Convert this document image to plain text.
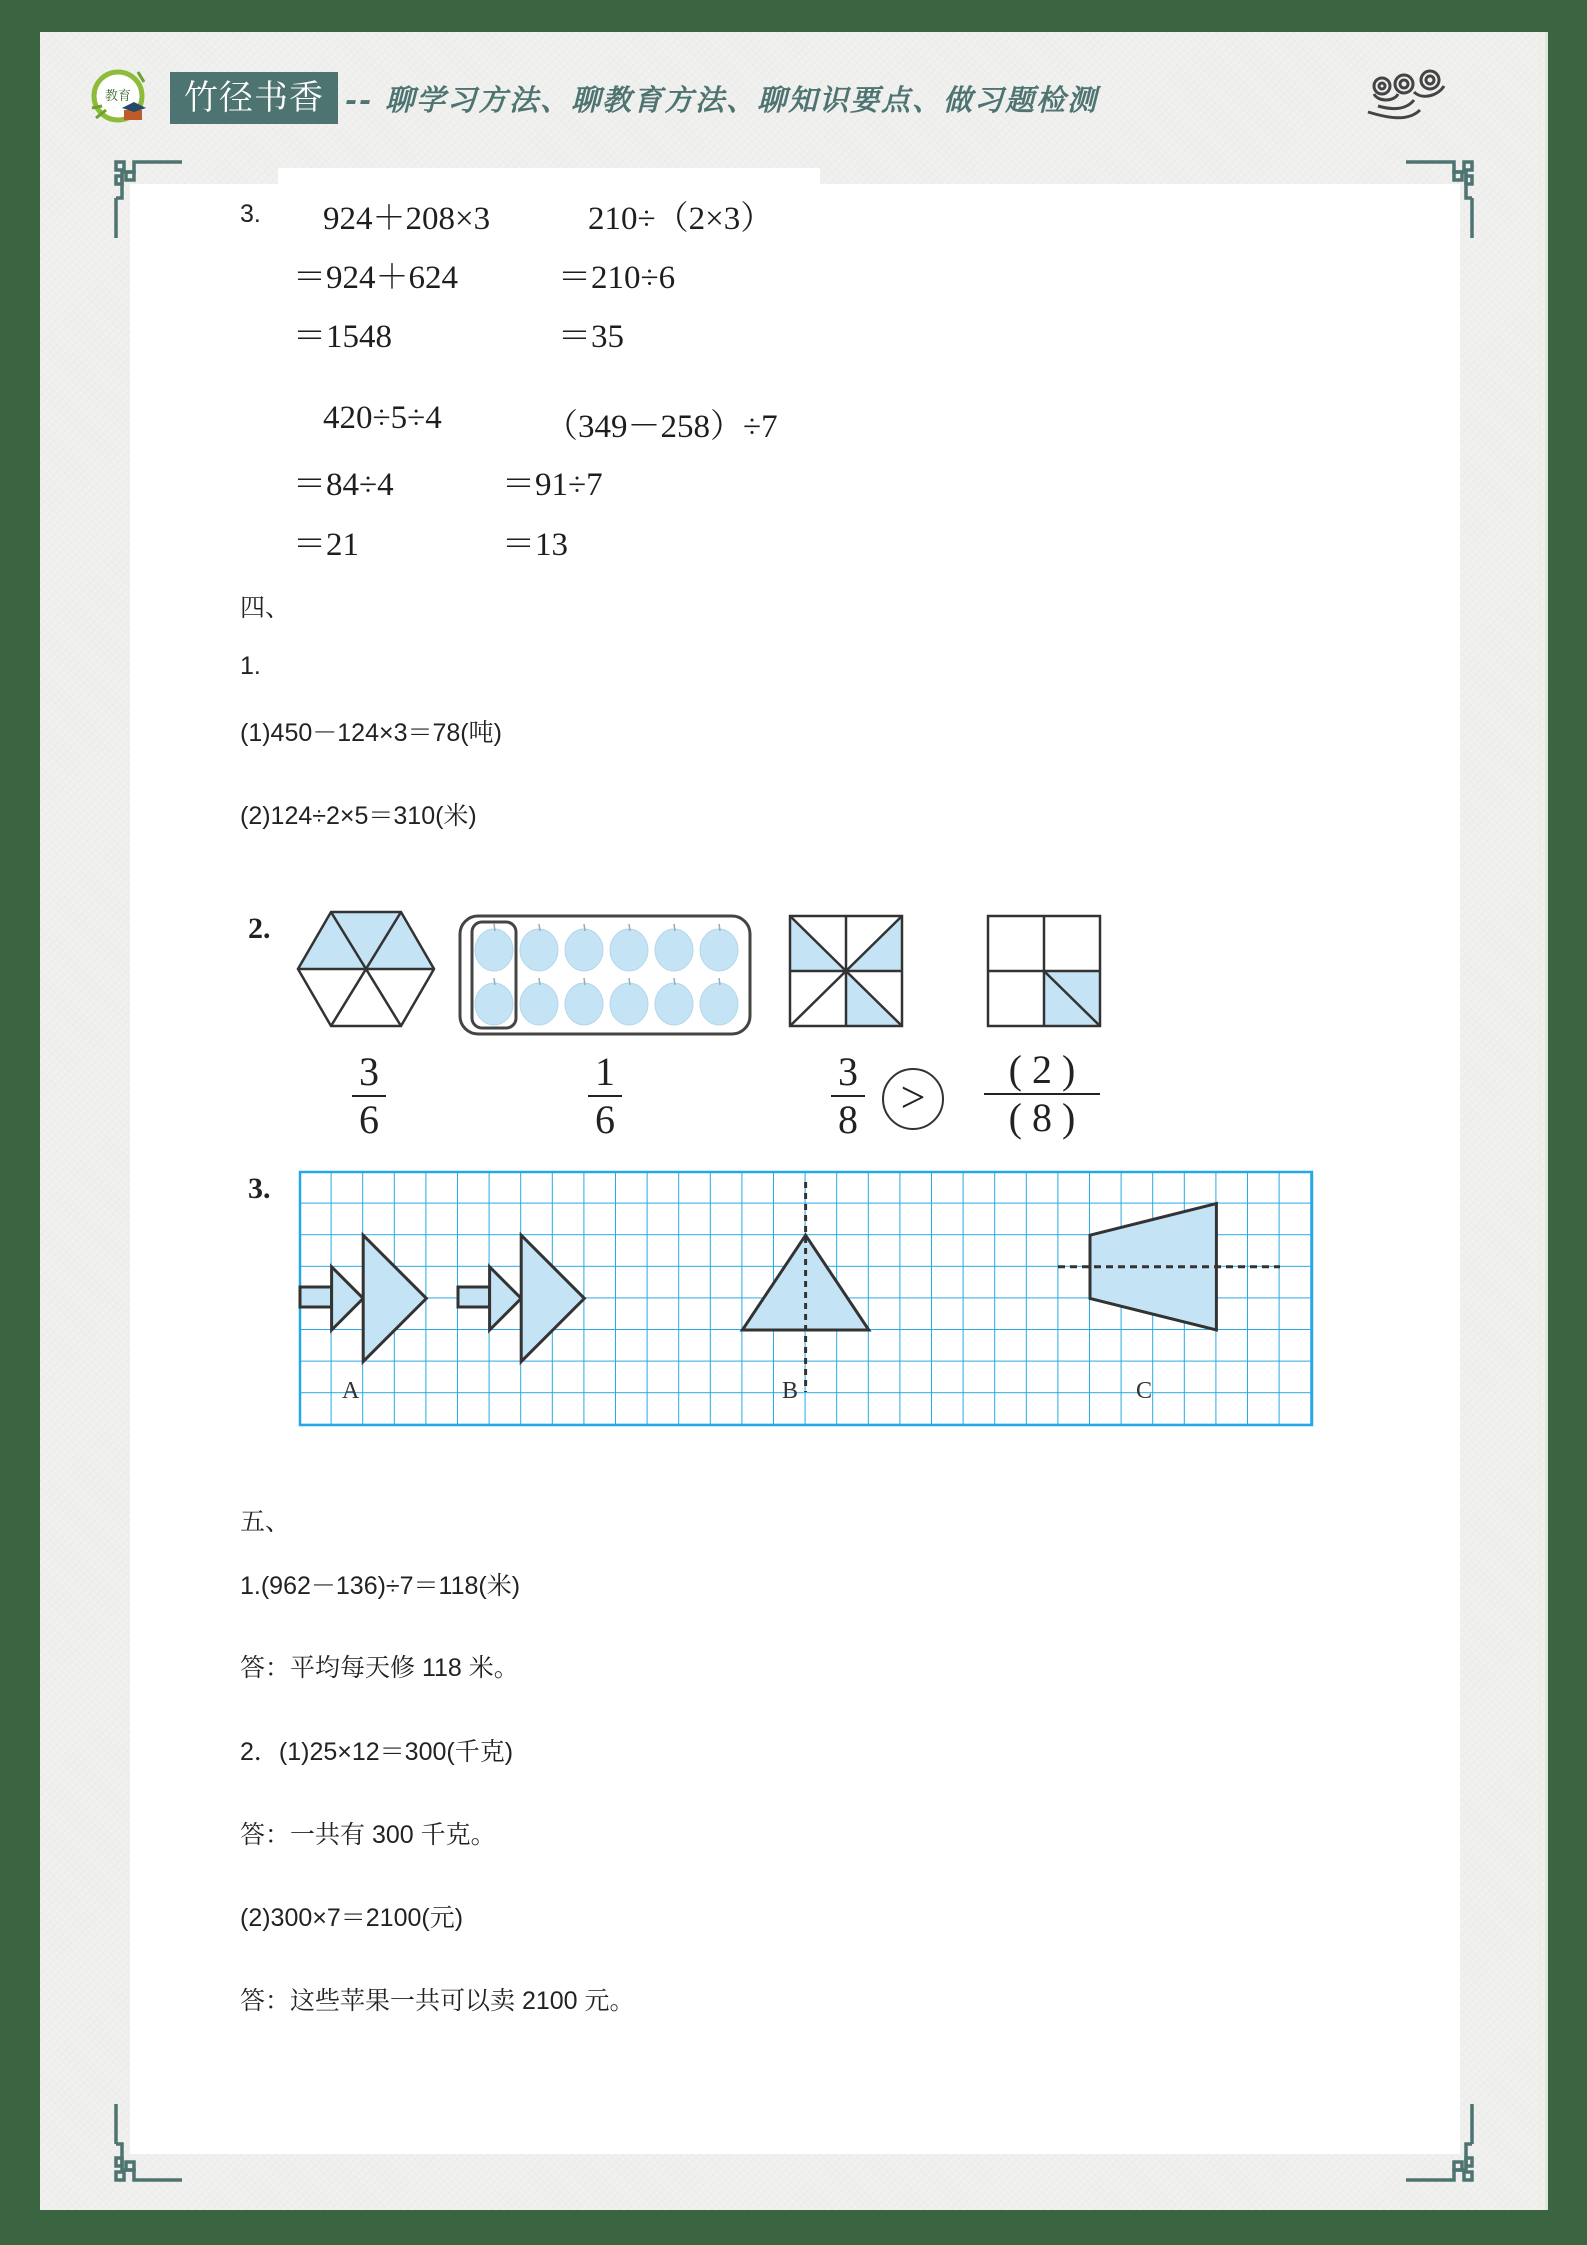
教育	竹径书香 -- 聊学习方法、聊教育方法、聊知识要点、做习题检测
3. 924＋208×3
＝924＋624
＝1548
210÷（2×3）
＝210÷6
＝35
420÷5÷4
＝84÷4
＝21
（349－258）÷7
＝91÷7
＝13
四、
1.
(1)450－124×3＝78(吨)
(2)124÷2×5＝310(米)
2.
3
6
1
6
3
8 >
( 2 )
( 8 )
3.
A	B	C
五、
1.(962－136)÷7＝118(米)
答：平均每天修 118 米。
2．(1)25×12＝300(千克)
答：一共有 300 千克。
(2)300×7＝2100(元)
答：这些苹果一共可以卖 2100 元。
